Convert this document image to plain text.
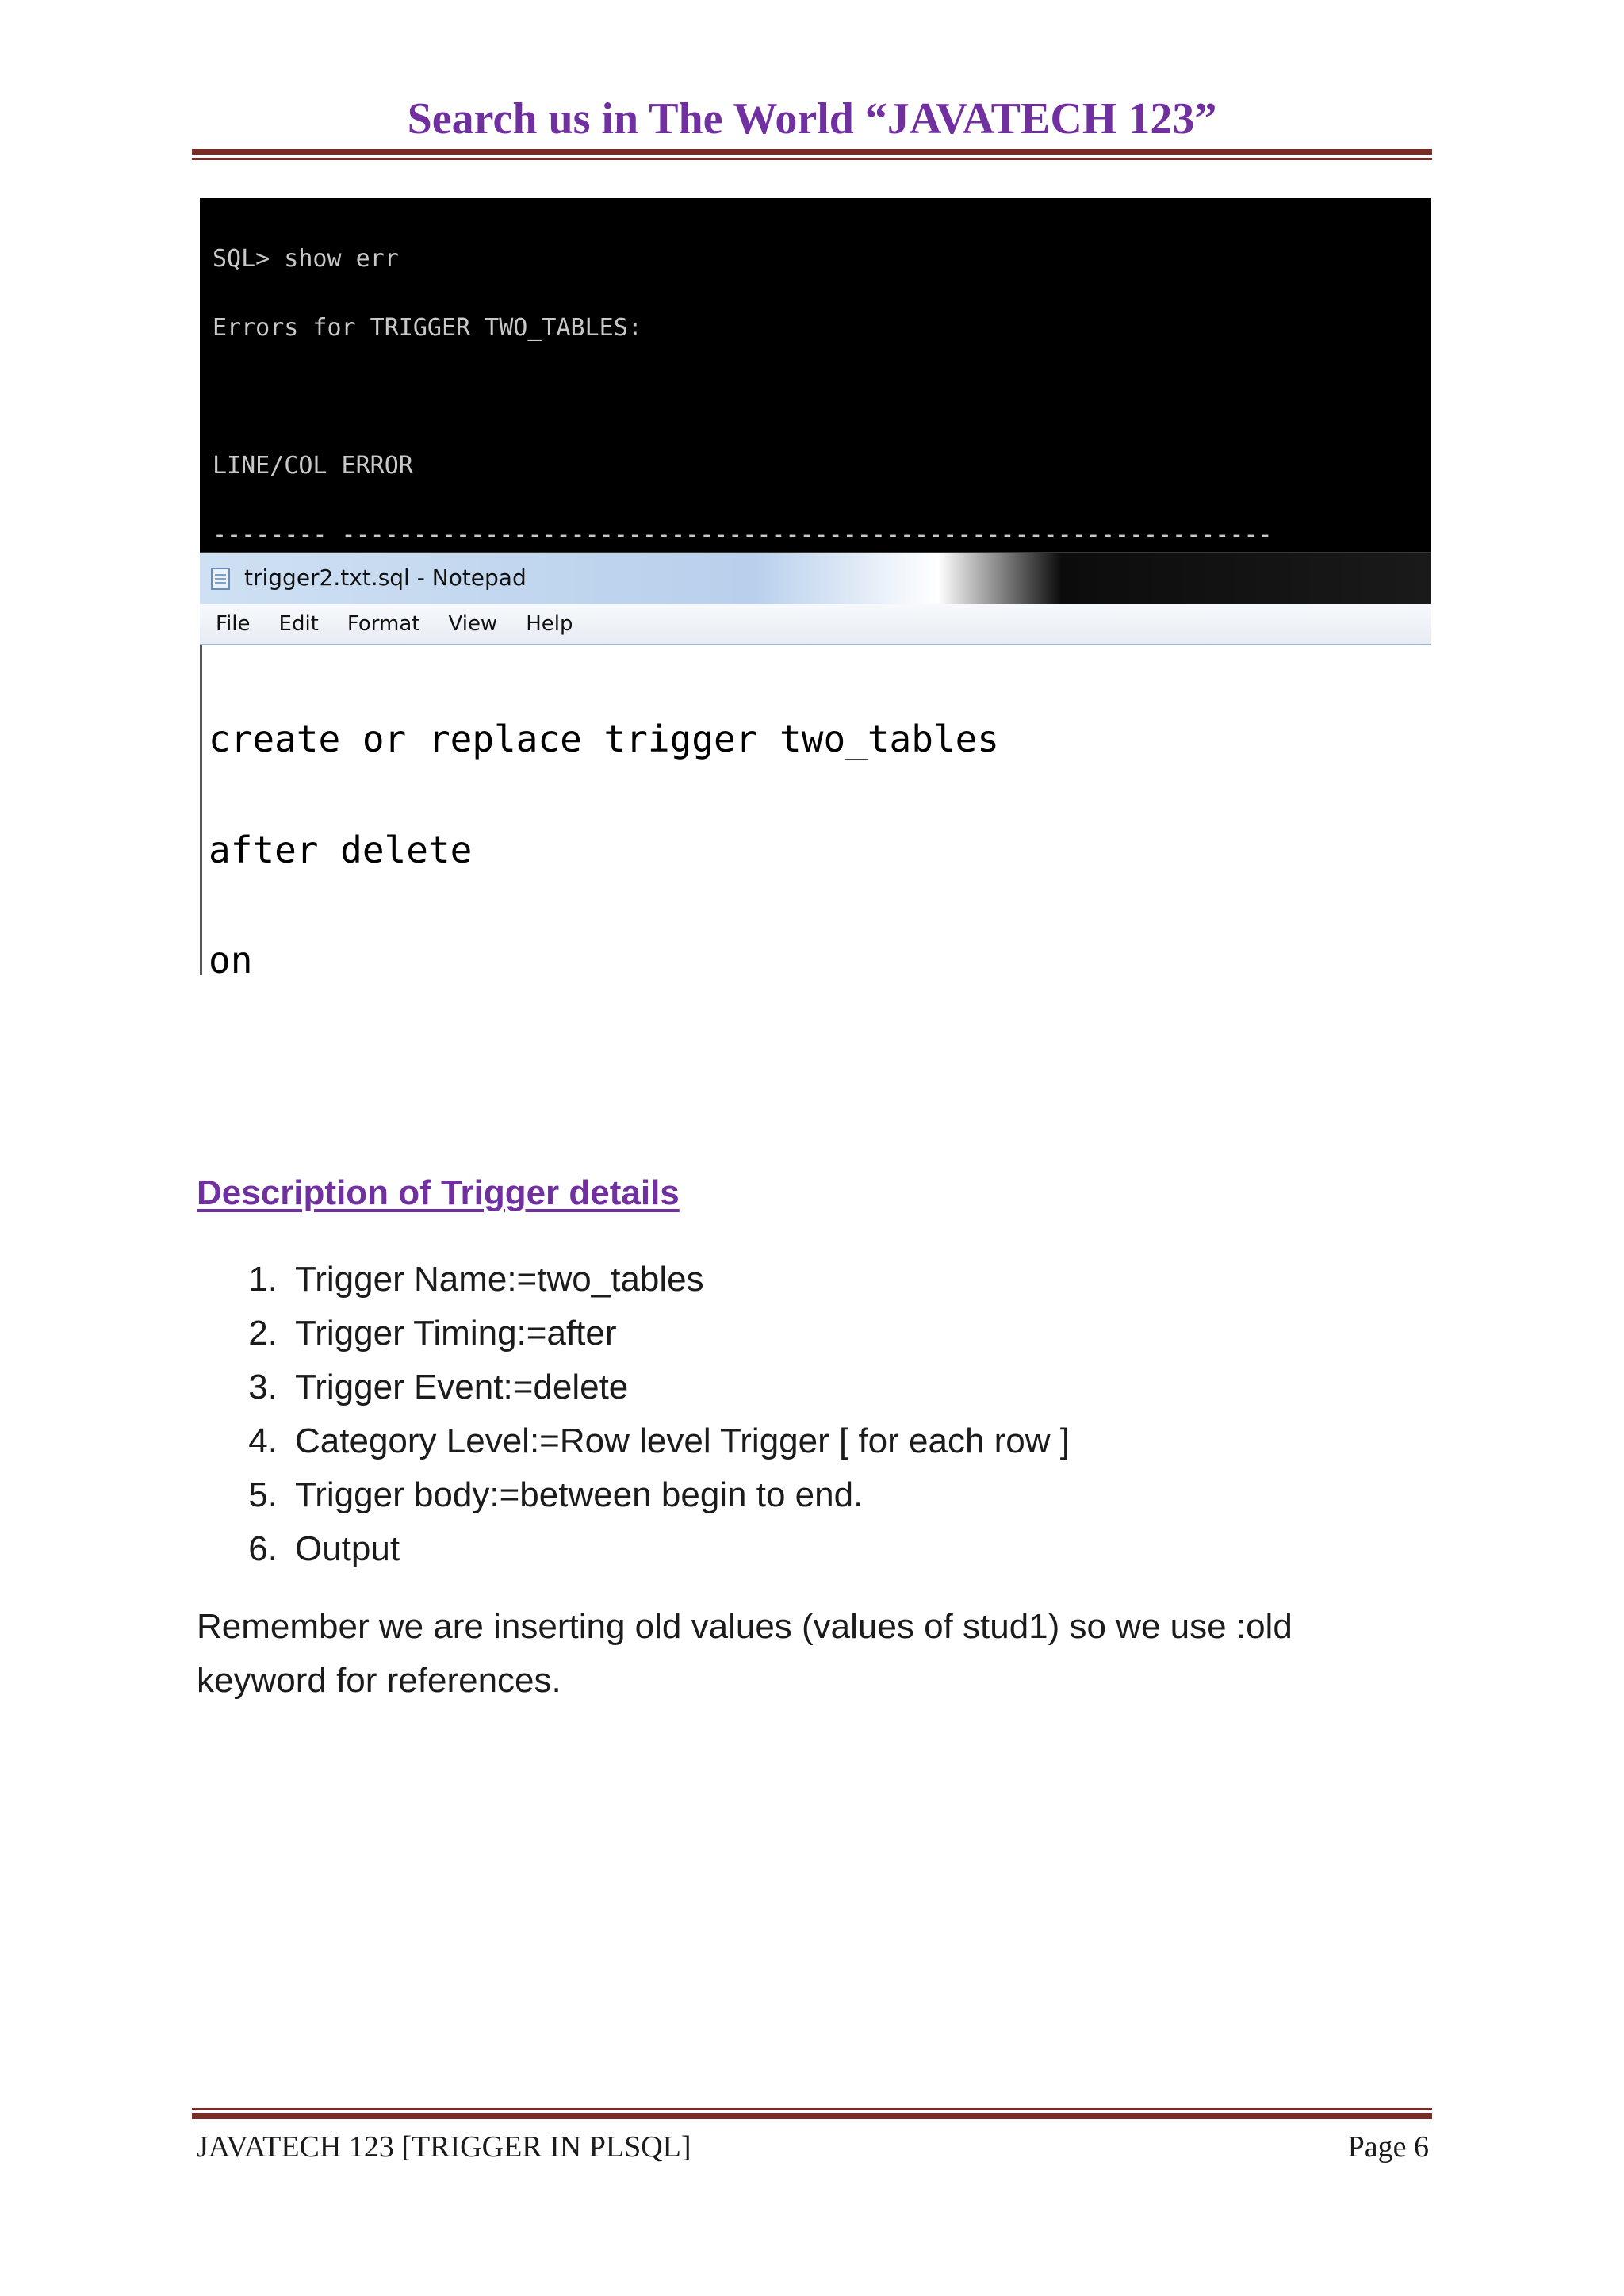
Search us in The World “JAVATECH 123”

SQL> show err

Errors for TRIGGER TWO_TABLES:

LINE/COL ERROR

-------- -----------------------------------------------------------------

trigger2.txt.sql - Notepad
File	Edit	Format	View	Help

create or replace trigger two_tables

after delete

on

Description of Trigger details
1. Trigger Name:=two_tables
2. Trigger Timing:=after
3. Trigger Event:=delete
4. Category Level:=Row level Trigger [ for each row ]
5. Trigger body:=between begin to end.
6. Output

Remember we are inserting old values (values of stud1) so we use :old
keyword for references.

JAVATECH 123 [TRIGGER IN PLSQL]	Page 6
